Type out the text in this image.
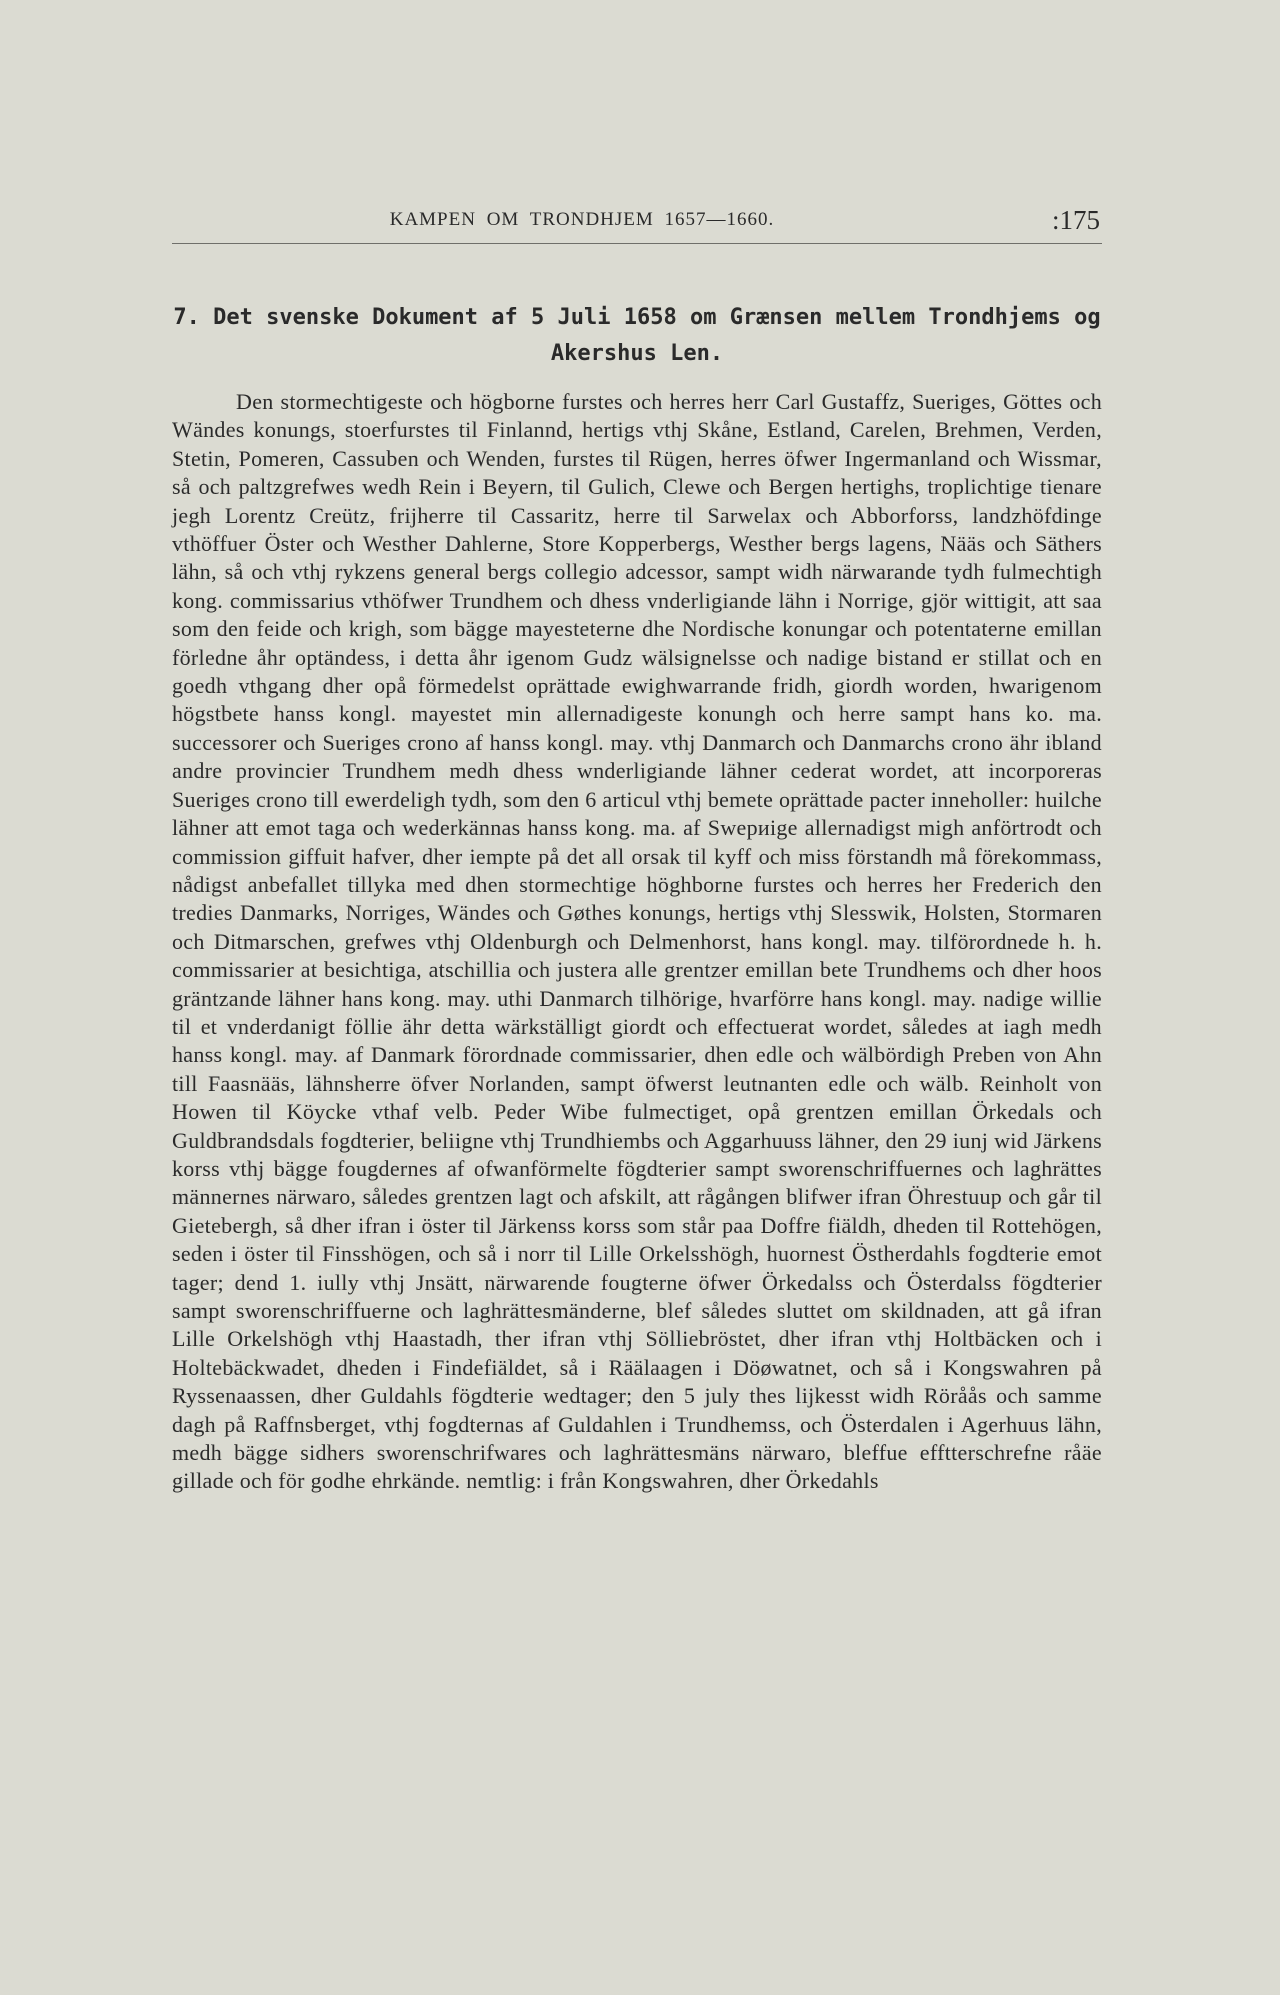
KAMPEN OM TRONDHJEM 1657—1660.	:175
7. Det svenske Dokument af 5 Juli 1658 om Grænsen mellem Trondhjems og Akershus Len.
Den stormechtigeste och högborne furstes och herres herr Carl Gustaffz, Sueriges, Göttes och Wändes konungs, stoerfurstes til Finlannd, hertigs vthj Skåne, Estland, Carelen, Brehmen, Verden, Stetin, Pomeren, Cassuben och Wenden, furstes til Rügen, herres öfwer Ingermanland och Wissmar, så och paltzgrefwes wedh Rein i Beyern, til Gulich, Clewe och Bergen hertighs, troplichtige tienare jegh Lorentz Creütz, frijherre til Cassaritz, herre til Sarwelax och Abborforss, landzhöfdinge vthöffuer Öster och Westher Dahlerne, Store Kopperbergs, Westher bergs lagens, Nääs och Säthers lähn, så och vthj rykzens general bergs collegio adcessor, sampt widh närwarande tydh fulmechtigh kong. commissarius vthöfwer Trundhem och dhess vnderligiande lähn i Norrige, gjör wittigit, att saa som den feide och krigh, som bägge mayesteterne dhe Nordische konungar och potentaterne emillan förledne åhr optändess, i detta åhr igenom Gudz wälsignelsse och nadige bistand er stillat och en goedh vthgang dher opå förmedelst oprättade ewighwarrande fridh, giordh worden, hwarigenom högstbete hanss kongl. mayestet min allernadigeste konungh och herre sampt hans ko. ma. successorer och Sueriges crono af hanss kongl. may. vthj Danmarch och Danmarchs crono ähr ibland andre provincier Trundhem medh dhess wnderligiande lähner cederat wordet, att incorporeras Sueriges crono till ewerdeligh tydh, som den 6 articul vthj bemete oprättade pacter inneholler: huilche lähner att emot taga och wederkännas hanss kong. ma. af Swериige allernadigst migh anförtrodt och commission giffuit hafver, dher iempte på det all orsak til kyff och miss förstandh må förekommass, nådigst anbefallet tillyka med dhen stormechtige höghborne furstes och herres her Frederich den tredies Danmarks, Norriges, Wändes och Gøthes konungs, hertigs vthj Slesswik, Holsten, Stormaren och Ditmarschen, grefwes vthj Oldenburgh och Delmenhorst, hans kongl. may. tilförordnede h. h. commissarier at besichtiga, atschillia och justera alle grentzer emillan bete Trundhems och dher hoos gräntzande lähner hans kong. may. uthi Danmarch tilhörige, hvarförre hans kongl. may. nadige willie til et vnderdanigt föllie ähr detta wärkställigt giordt och effectuerat wordet, således at iagh medh hanss kongl. may. af Danmark förordnade commissarier, dhen edle och wälbördigh Preben von Ahn till Faasnääs, lähnsherre öfver Norlanden, sampt öfwerst leutnanten edle och wälb. Reinholt von Howen til Köycke vthaf velb. Peder Wibe fulmectiget, opå grentzen emillan Örkedals och Guldbrandsdals fogdterier, beliigne vthj Trundhiembs och Aggarhuuss lähner, den 29 iunj wid Järkens korss vthj bägge fougdernes af ofwanförmelte fögdterier sampt sworenschriffuernes och laghrättes männernes närwaro, således grentzen lagt och afskilt, att rågången blifwer ifran Öhrestuup och går til Gietebergh, så dher ifran i öster til Järkenss korss som står paa Doffre fiäldh, dheden til Rottehögen, seden i öster til Finsshögen, och så i norr til Lille Orkelsshögh, huornest Östherdahls fogdterie emot tager; dend 1. iully vthj Jnsätt, närwarende fougterne öfwer Örkedalss och Österdalss fögdterier sampt sworenschriffuerne och laghrättesmänderne, blef således sluttet om skildnaden, att gå ifran Lille Orkelshögh vthj Haastadh, ther ifran vthj Sölliebröstet, dher ifran vthj Holtbäcken och i Holtebäckwadet, dheden i Findefiäldet, så i Räälaagen i Döøwatnet, och så i Kongswahren på Ryssenaassen, dher Guldahls fögdterie wedtager; den 5 july thes lijkesst widh Röråås och samme dagh på Raffnsberget, vthj fogdternas af Guldahlen i Trundhemss, och Österdalen i Agerhuus lähn, medh bägge sidhers sworenschrifwares och laghrättesmäns närwaro, bleffue efftterschrefne råäe gillade och för godhe ehrkände. nemtlig: i från Kongswahren, dher Örkedahls
